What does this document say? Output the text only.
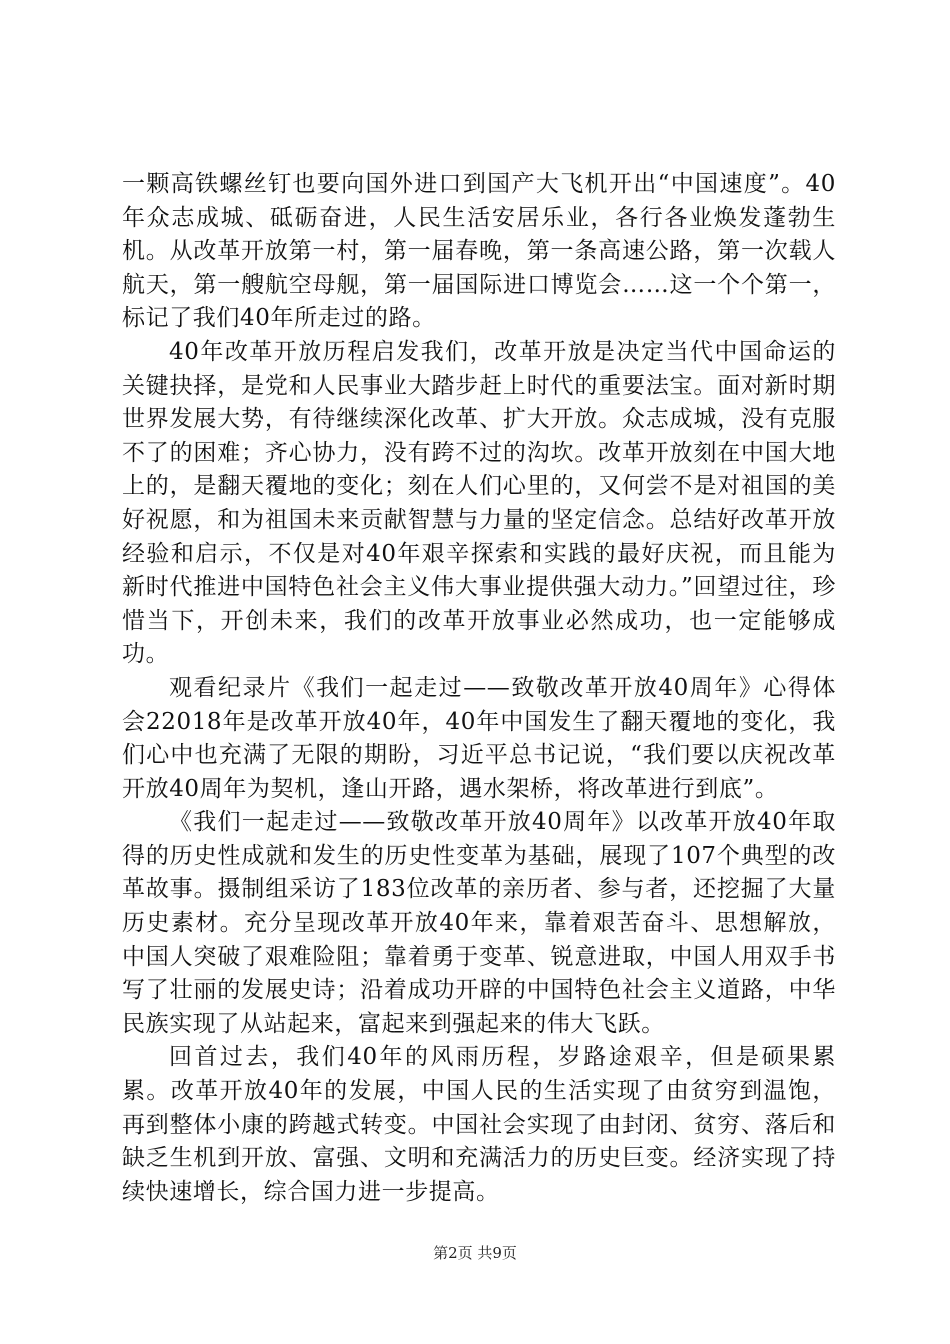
一颗高铁螺丝钉也要向国外进口到国产大飞机开出“中国速度”。40年众志成城、砥砺奋进，人民生活安居乐业，各行各业焕发蓬勃生机。从改革开放第一村，第一届春晚，第一条高速公路，第一次载人航天，第一艘航空母舰，第一届国际进口博览会……这一个个第一，标记了我们40年所走过的路。

40年改革开放历程启发我们，改革开放是决定当代中国命运的关键抉择，是党和人民事业大踏步赶上时代的重要法宝。面对新时期世界发展大势，有待继续深化改革、扩大开放。众志成城，没有克服不了的困难；齐心协力，没有跨不过的沟坎。改革开放刻在中国大地上的，是翻天覆地的变化；刻在人们心里的，又何尝不是对祖国的美好祝愿，和为祖国未来贡献智慧与力量的坚定信念。总结好改革开放经验和启示，不仅是对40年艰辛探索和实践的最好庆祝，而且能为新时代推进中国特色社会主义伟大事业提供强大动力。”回望过往，珍惜当下，开创未来，我们的改革开放事业必然成功，也一定能够成功。

观看纪录片《我们一起走过——致敬改革开放40周年》心得体会22018年是改革开放40年，40年中国发生了翻天覆地的变化，我们心中也充满了无限的期盼，习近平总书记说，“我们要以庆祝改革开放40周年为契机，逢山开路，遇水架桥，将改革进行到底”。

《我们一起走过——致敬改革开放40周年》以改革开放40年取得的历史性成就和发生的历史性变革为基础，展现了107个典型的改革故事。摄制组采访了183位改革的亲历者、参与者，还挖掘了大量历史素材。充分呈现改革开放40年来，靠着艰苦奋斗、思想解放，中国人突破了艰难险阻；靠着勇于变革、锐意进取，中国人用双手书写了壮丽的发展史诗；沿着成功开辟的中国特色社会主义道路，中华民族实现了从站起来，富起来到强起来的伟大飞跃。

回首过去，我们40年的风雨历程，岁路途艰辛，但是硕果累累。改革开放40年的发展，中国人民的生活实现了由贫穷到温饱，再到整体小康的跨越式转变。中国社会实现了由封闭、贫穷、落后和缺乏生机到开放、富强、文明和充满活力的历史巨变。经济实现了持续快速增长，综合国力进一步提高。

第2页 共9页
